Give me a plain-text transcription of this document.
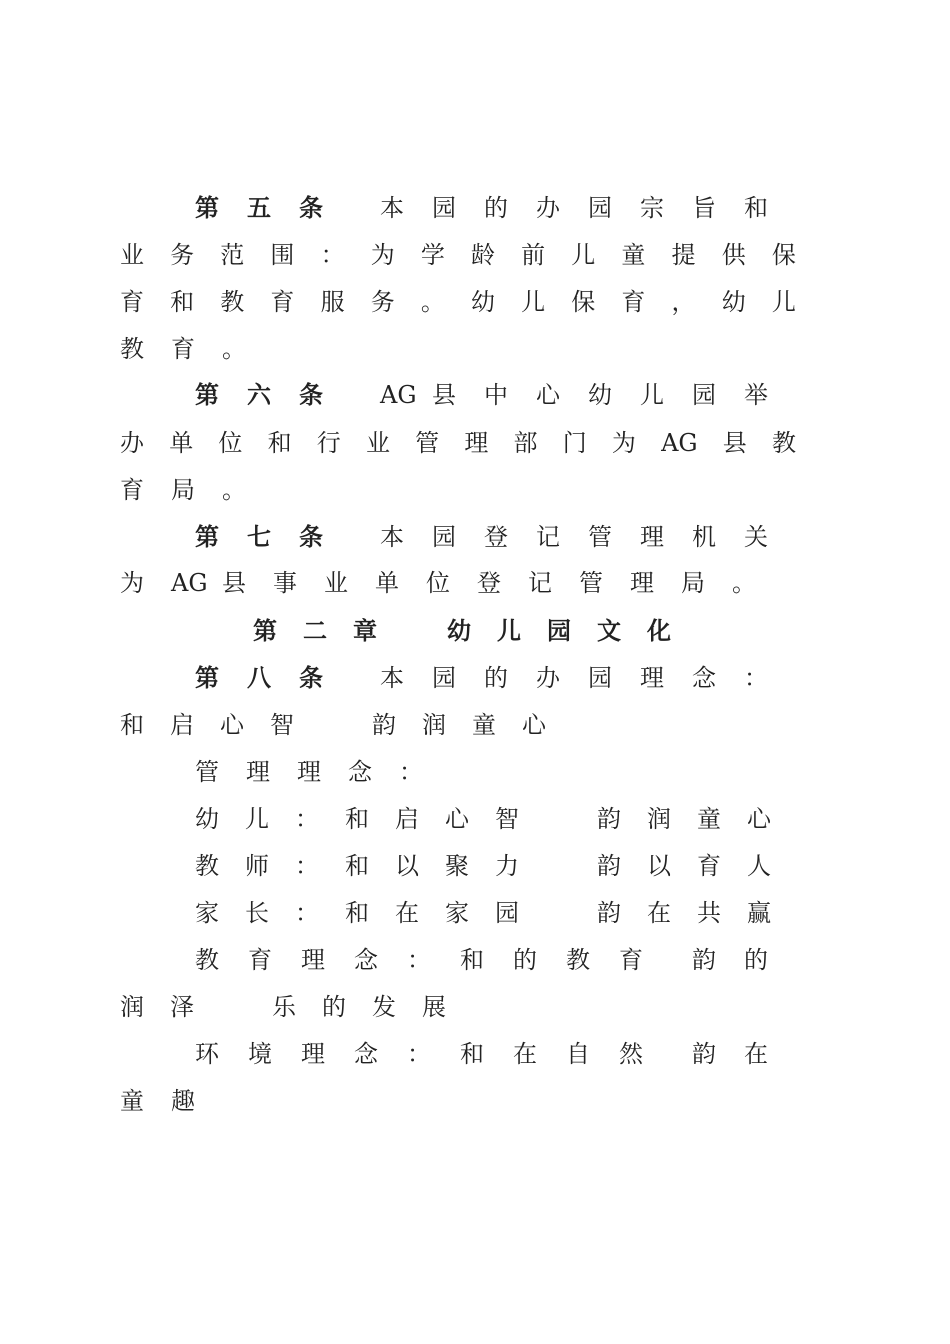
第	五	条	本	园	的	办	园	宗	旨	和
业 务 范 围 ： 为 学 龄 前 儿 童 提 供 保
育 和 教 育 服 务 。 幼 儿 保 育 ， 幼 儿
教	育	。
第	六	条	AG 县	中	心	幼	儿	园	举
办 单 位 和 行 业 管 理 部 门 为 AG 县 教
育	局	。
第	七	条	本	园	登	记	管	理	机	关
为	AG 县	事	业	单	位	登	记	管	理	局	。
第	二	章	幼	儿	园	文	化
第	八	条	本	园	的	办	园	理	念	：
和	启	心	智	韵	润	童	心
管	理	理	念	：
幼	儿	：	和	启	心	智	韵	润	童	心
教	师	：	和	以	聚	力	韵	以	育	人
家	长	：	和	在	家	园	韵	在	共	赢
教	育	理	念	：	和	的	教	育	韵	的
润	泽	乐	的	发	展
环	境	理	念	：	和	在	自	然	韵	在
童	趣
